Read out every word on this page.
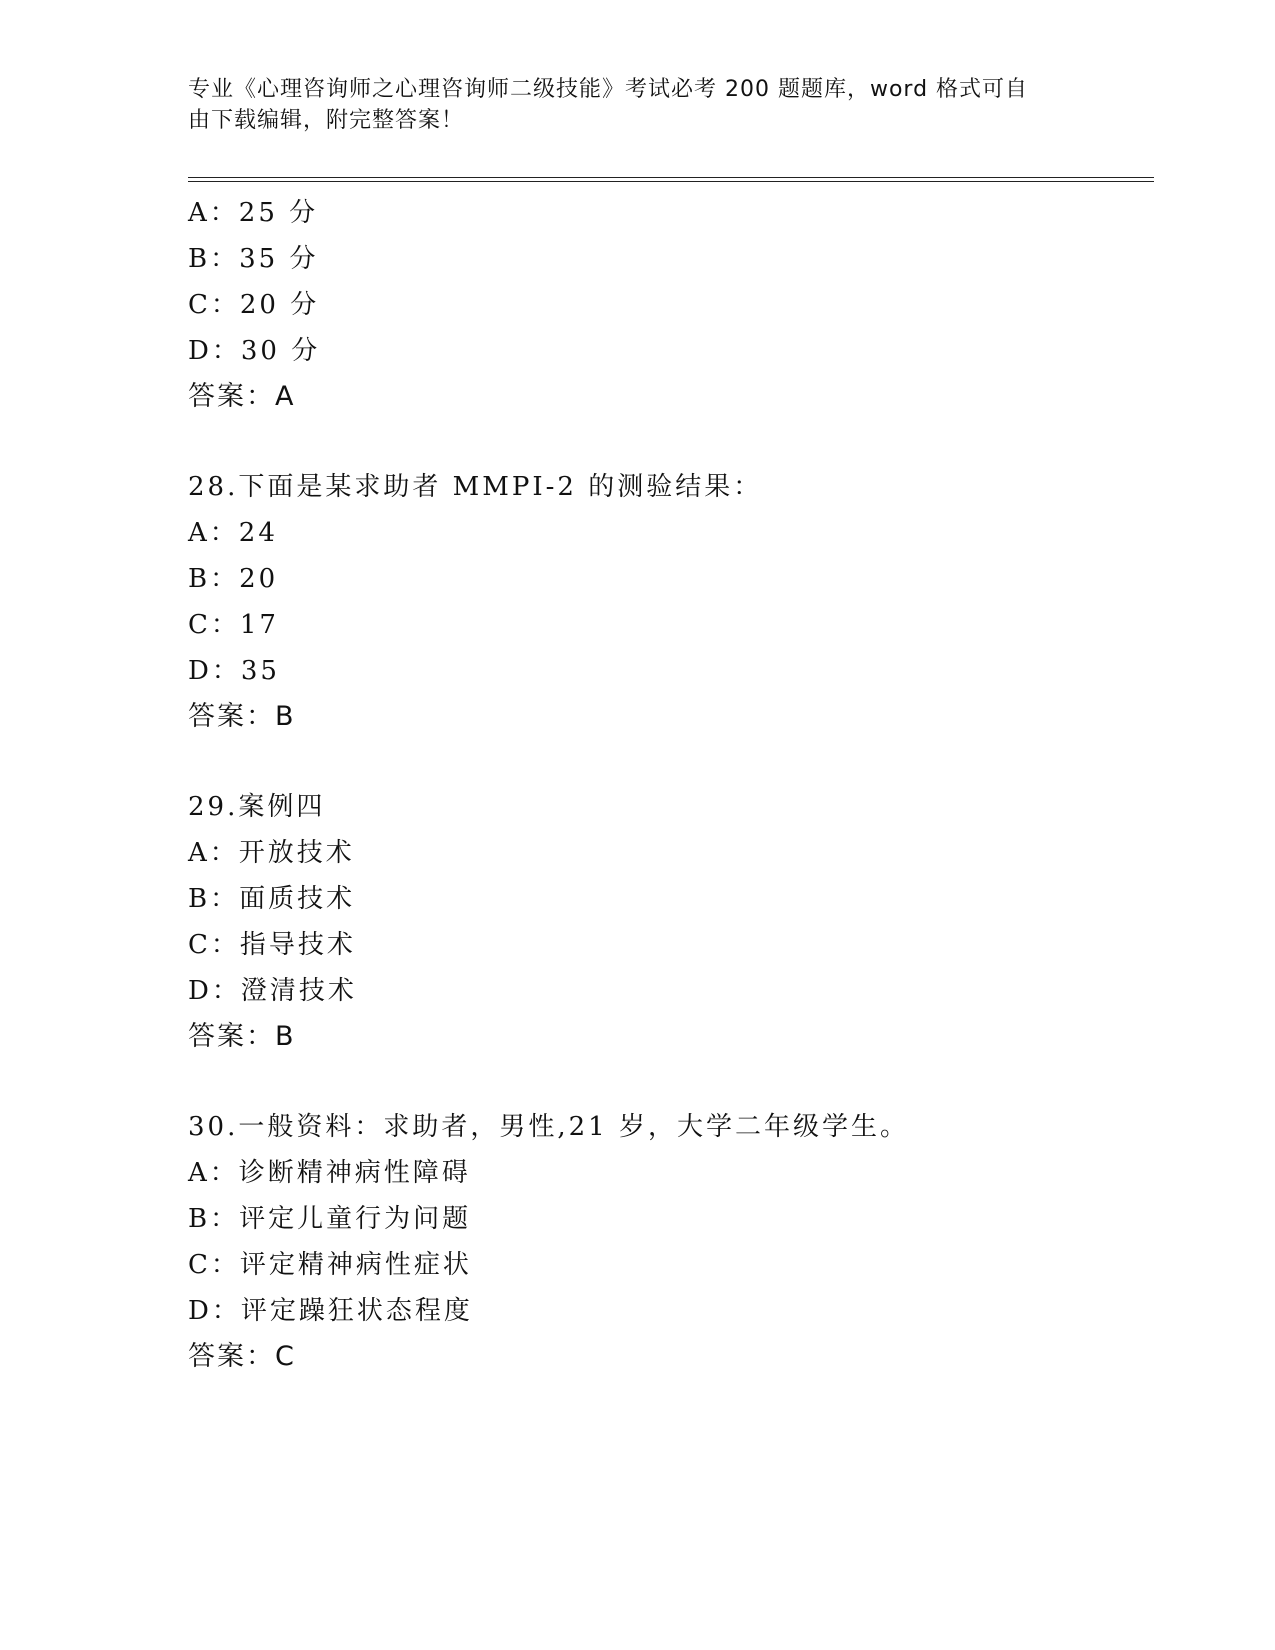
专业《心理咨询师之心理咨询师二级技能》考试必考 200 题题库，word 格式可自

由下载编辑，附完整答案！

A：25 分
B：35 分
C：20 分
D：30 分
答案：A
28.下面是某求助者 MMPI-2 的测验结果：
A：24
B：20
C：17
D：35
答案：B
29.案例四
A：开放技术
B：面质技术
C：指导技术
D：澄清技术
答案：B
30.一般资料：求助者，男性,21 岁，大学二年级学生。
A：诊断精神病性障碍
B：评定儿童行为问题
C：评定精神病性症状
D：评定躁狂状态程度
答案：C
